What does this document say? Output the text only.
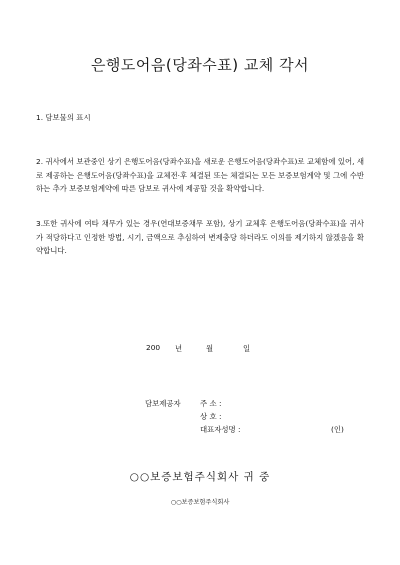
은행도어음(당좌수표) 교체 각서
1. 담보물의 표시
2. 귀사에서 보관중인 상기 은행도어음(당좌수표)을 새로운 은행도어음(당좌수표)로 교체함에 있어, 새로 제공하는 은행도어음(당좌수표)을 교체전·후 체결된 또는 체결되는 모든 보증보험계약 및 그에 수반하는 추가 보증보험계약에 따른 담보로 귀사에 제공할 것을 확약합니다.
3.또한 귀사에 여타 채무가 있는 경우(연대보증채무 포함), 상기 교체후 은행도어음(당좌수표)을 귀사가 적당하다고 인정한 방법, 시기, 금액으로 추심하여 변제충당 하더라도 이의를 제기하지 않겠음을 확약합니다.
200 년	월	일
담보제공자	주 소 :
상 호 :
대표자성명 :	(인)
○○보증보험주식회사 귀 중
○○보증보험주식회사
